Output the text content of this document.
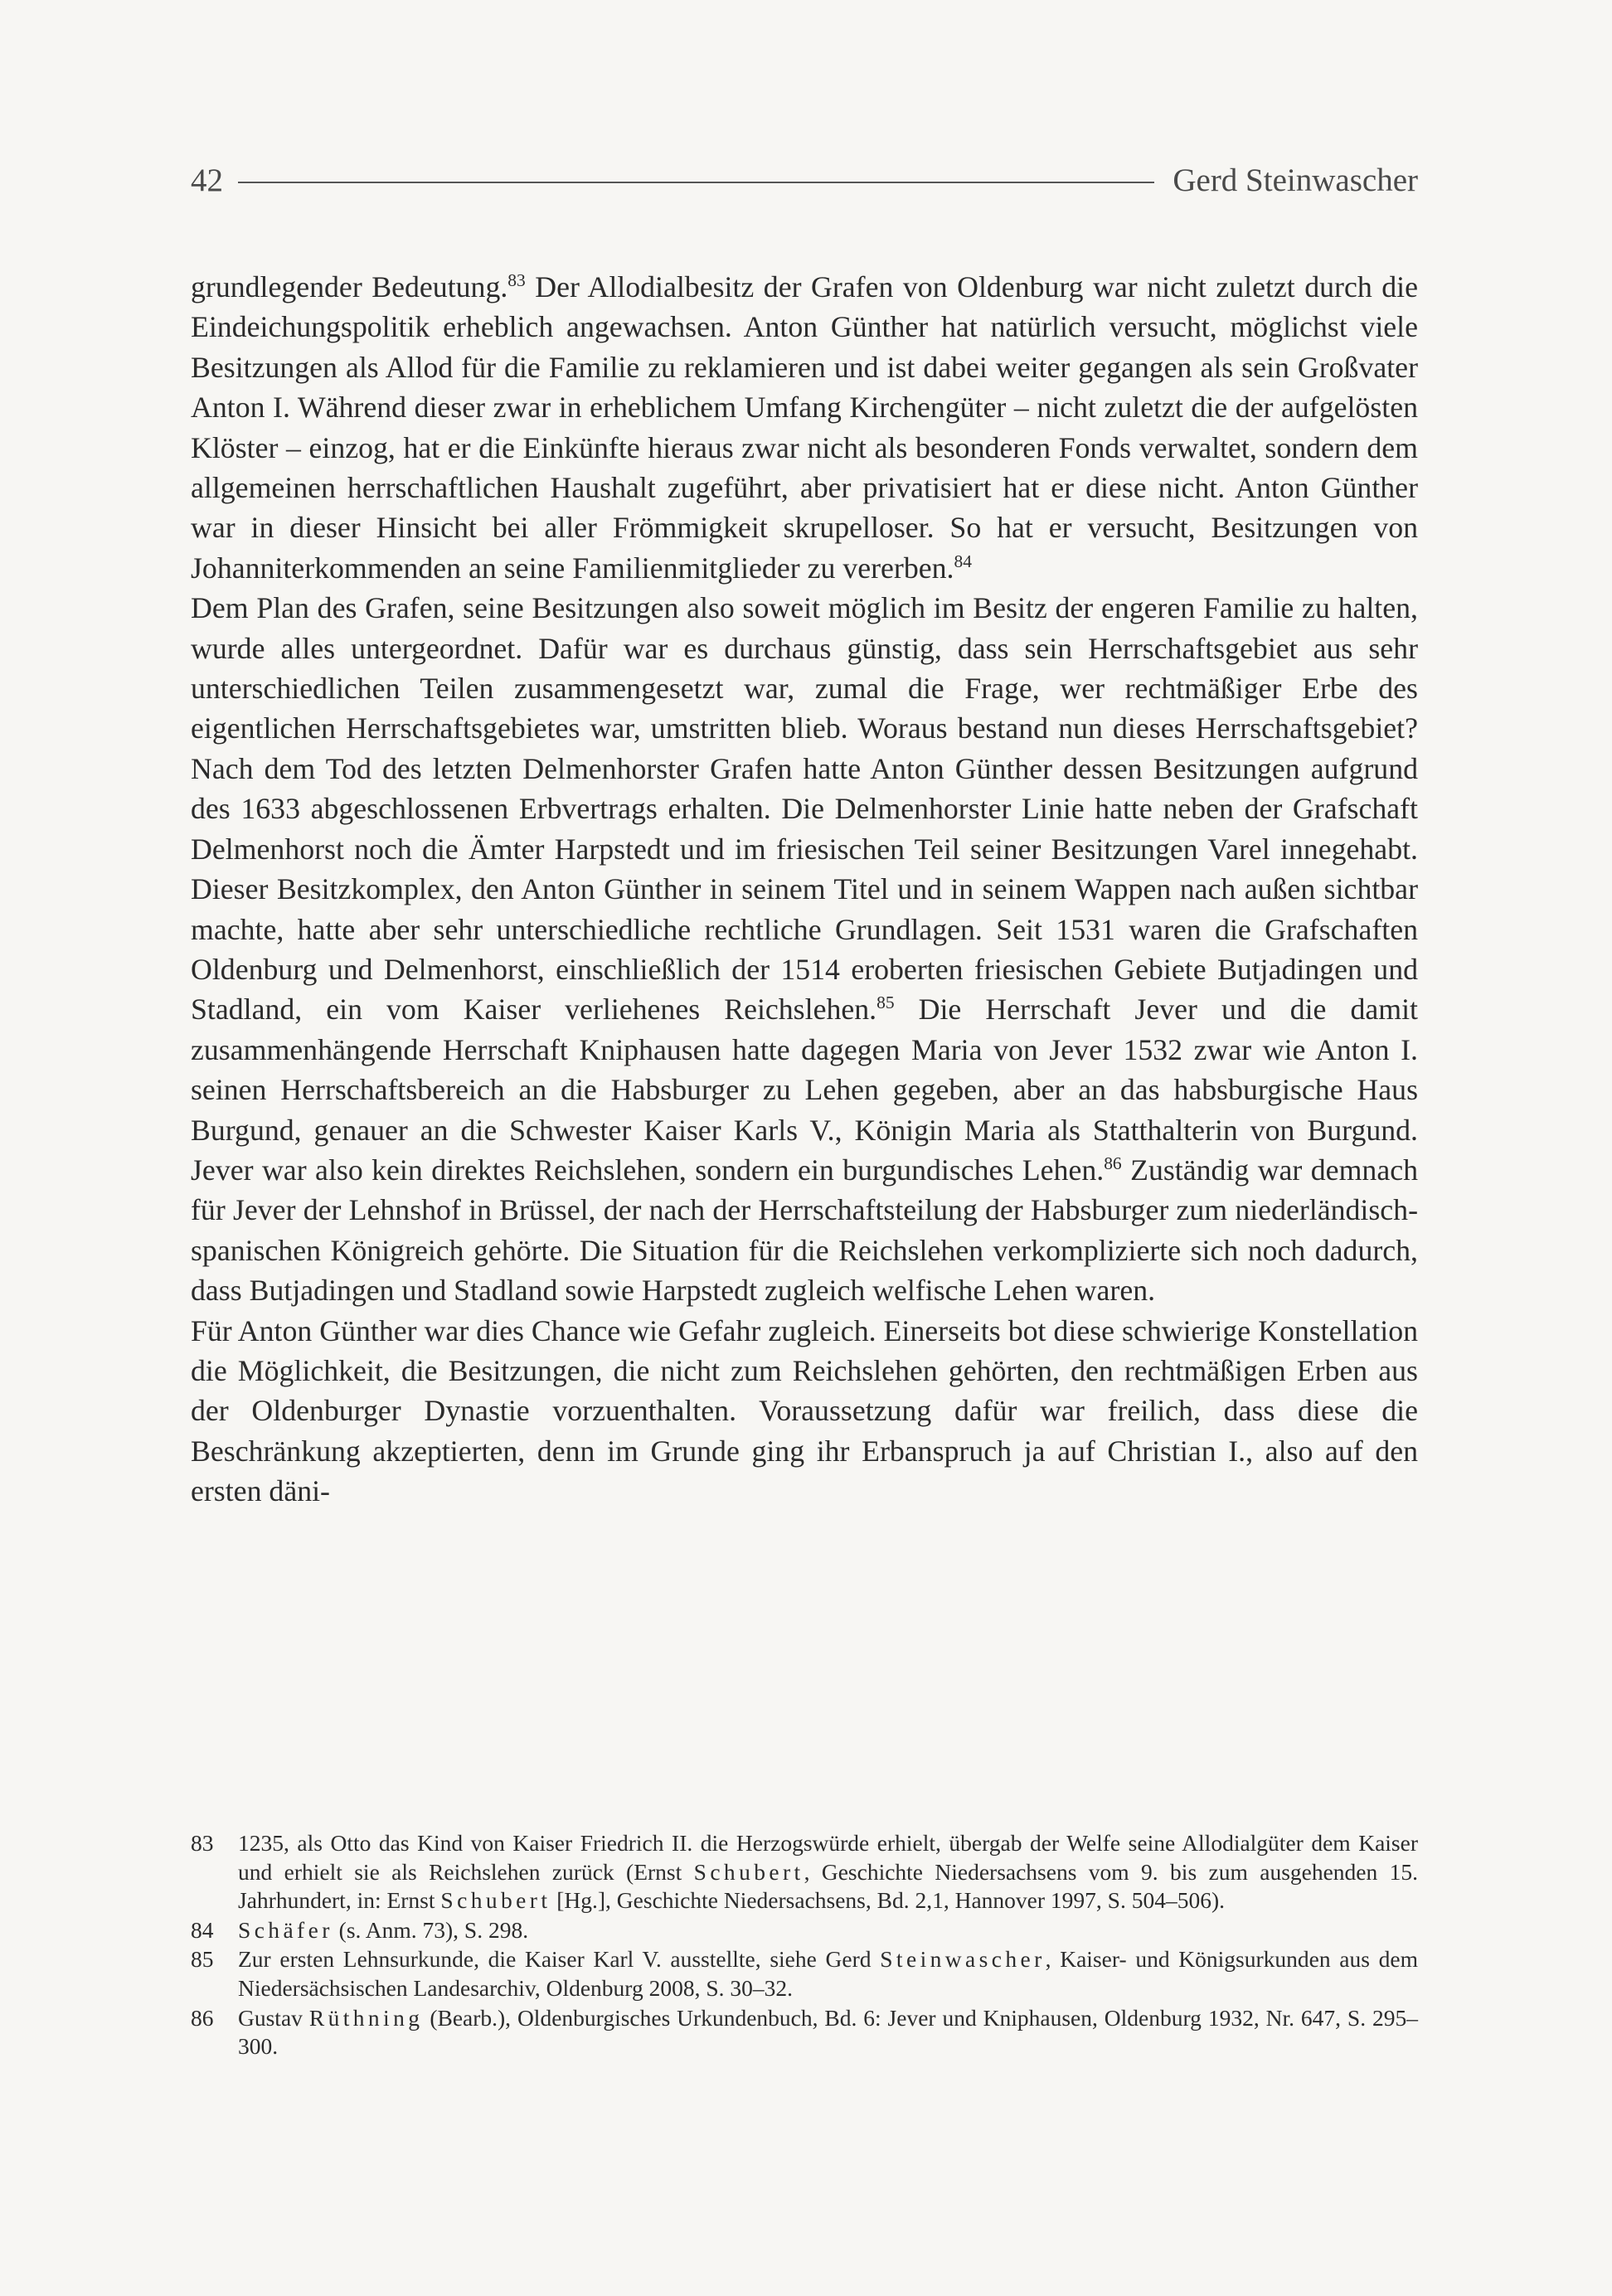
42	Gerd Steinwascher

grundlegender Bedeutung.$^{83}$ Der Allodialbesitz der Grafen von Oldenburg war nicht zuletzt durch die Eindeichungspolitik erheblich angewachsen. Anton Günther hat natürlich versucht, möglichst viele Besitzungen als Allod für die Familie zu reklamieren und ist dabei weiter gegangen als sein Großvater Anton I. Während dieser zwar in erheblichem Umfang Kirchengüter – nicht zuletzt die der aufgelösten Klöster – einzog, hat er die Einkünfte hieraus zwar nicht als besonderen Fonds verwaltet, sondern dem allgemeinen herrschaftlichen Haushalt zugeführt, aber privatisiert hat er diese nicht. Anton Günther war in dieser Hinsicht bei aller Frömmigkeit skrupelloser. So hat er versucht, Besitzungen von Johanniterkommenden an seine Familienmitglieder zu vererben.$^{84}$

Dem Plan des Grafen, seine Besitzungen also soweit möglich im Besitz der engeren Familie zu halten, wurde alles untergeordnet. Dafür war es durchaus günstig, dass sein Herrschaftsgebiet aus sehr unterschiedlichen Teilen zusammengesetzt war, zumal die Frage, wer rechtmäßiger Erbe des eigentlichen Herrschaftsgebietes war, umstritten blieb. Woraus bestand nun dieses Herrschaftsgebiet? Nach dem Tod des letzten Delmenhorster Grafen hatte Anton Günther dessen Besitzungen aufgrund des 1633 abgeschlossenen Erbvertrags erhalten. Die Delmenhorster Linie hatte neben der Grafschaft Delmenhorst noch die Ämter Harpstedt und im friesischen Teil seiner Besitzungen Varel innegehabt. Dieser Besitzkomplex, den Anton Günther in seinem Titel und in seinem Wappen nach außen sichtbar machte, hatte aber sehr unterschiedliche rechtliche Grundlagen. Seit 1531 waren die Grafschaften Oldenburg und Delmenhorst, einschließlich der 1514 eroberten friesischen Gebiete Butjadingen und Stadland, ein vom Kaiser verliehenes Reichslehen.$^{85}$ Die Herrschaft Jever und die damit zusammenhängende Herrschaft Kniphausen hatte dagegen Maria von Jever 1532 zwar wie Anton I. seinen Herrschaftsbereich an die Habsburger zu Lehen gegeben, aber an das habsburgische Haus Burgund, genauer an die Schwester Kaiser Karls V., Königin Maria als Statthalterin von Burgund. Jever war also kein direktes Reichslehen, sondern ein burgundisches Lehen.$^{86}$ Zuständig war demnach für Jever der Lehnshof in Brüssel, der nach der Herrschaftsteilung der Habsburger zum niederländisch-spanischen Königreich gehörte. Die Situation für die Reichslehen verkomplizierte sich noch dadurch, dass Butjadingen und Stadland sowie Harpstedt zugleich welfische Lehen waren.

Für Anton Günther war dies Chance wie Gefahr zugleich. Einerseits bot diese schwierige Konstellation die Möglichkeit, die Besitzungen, die nicht zum Reichslehen gehörten, den rechtmäßigen Erben aus der Oldenburger Dynastie vorzuenthalten. Voraussetzung dafür war freilich, dass diese die Beschränkung akzeptierten, denn im Grunde ging ihr Erbanspruch ja auf Christian I., also auf den ersten däni-

83	1235, als Otto das Kind von Kaiser Friedrich II. die Herzogswürde erhielt, übergab der Welfe seine Allodialgüter dem Kaiser und erhielt sie als Reichslehen zurück (Ernst Schubert, Geschichte Niedersachsens vom 9. bis zum ausgehenden 15. Jahrhundert, in: Ernst Schubert [Hg.], Geschichte Niedersachsens, Bd. 2,1, Hannover 1997, S. 504–506).
84	Schäfer (s. Anm. 73), S. 298.
85	Zur ersten Lehnsurkunde, die Kaiser Karl V. ausstellte, siehe Gerd Steinwascher, Kaiser- und Königsurkunden aus dem Niedersächsischen Landesarchiv, Oldenburg 2008, S. 30–32.
86	Gustav Rüthning (Bearb.), Oldenburgisches Urkundenbuch, Bd. 6: Jever und Kniphausen, Oldenburg 1932, Nr. 647, S. 295–300.
